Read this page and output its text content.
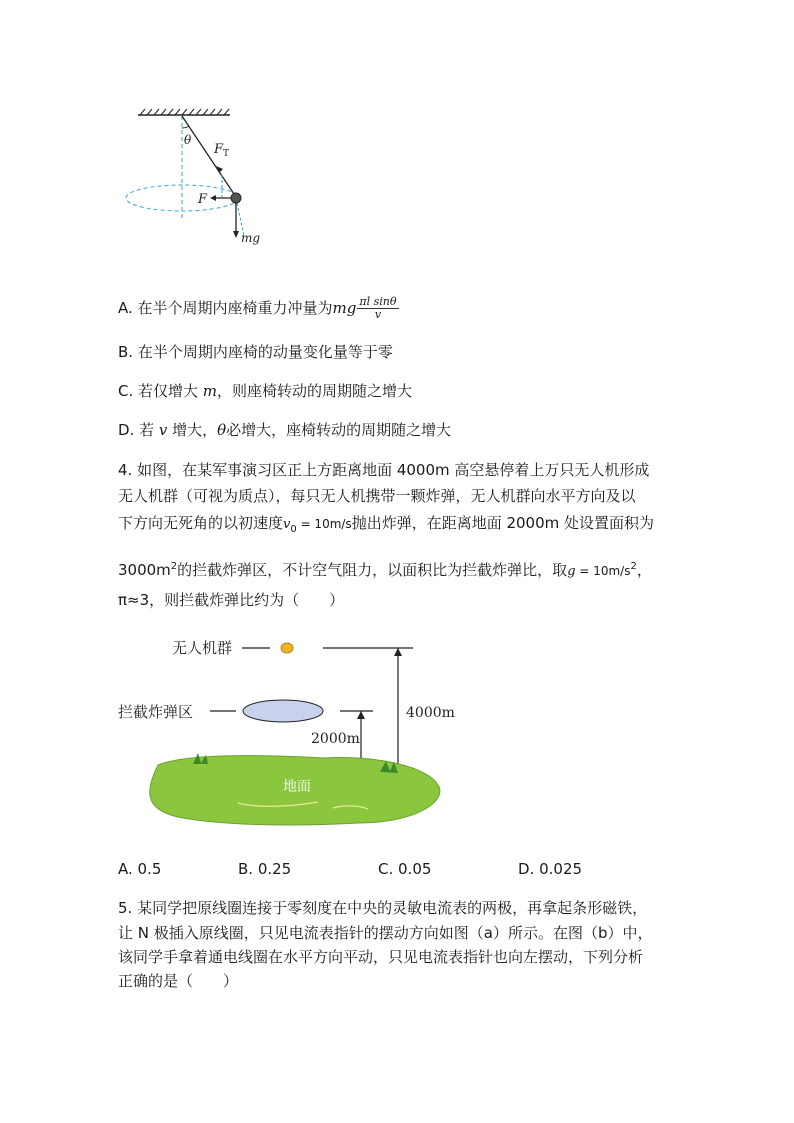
θ
$F_T$
F
mg
A. 在半个周期内座椅重力冲量为mg $\frac{\text{πl sinθ}}{v}$
B. 在半个周期内座椅的动量变化量等于零
C. 若仅增大 m，则座椅转动的周期随之增大
D. 若 v 增大，θ必增大，座椅转动的周期随之增大
4. 如图，在某军事演习区正上方距离地面 4000m 高空悬停着上万只无人机形成
无人机群（可视为质点），每只无人机携带一颗炸弹，无人机群向水平方向及以
下方向无死角的以初速度$v_0 = 10m/s$抛出炸弹，在距离地面 2000m 处设置面积为
$3000m^2$的拦截炸弹区，不计空气阻力，以面积比为拦截炸弹比，取$g = 10m/s^2$，
π≈3，则拦截炸弹比约为（　　）
无人机群
拦截炸弹区	4000m
2000m
地面
A. 0.5	B. 0.25	C. 0.05	D. 0.025
5. 某同学把原线圈连接于零刻度在中央的灵敏电流表的两极，再拿起条形磁铁，
让 N 极插入原线圈，只见电流表指针的摆动方向如图（a）所示。在图（b）中，
该同学手拿着通电线圈在水平方向平动，只见电流表指针也向左摆动，下列分析
正确的是（　　）
